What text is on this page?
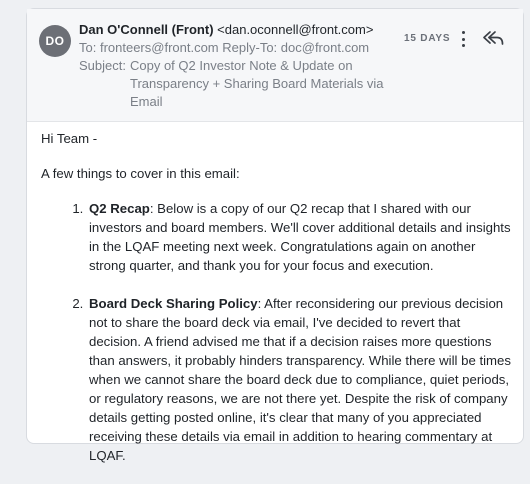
DO
Dan O'Connell (Front) <dan.oconnell@front.com>
To: fronteers@front.com Reply-To: doc@front.com
Subject: Copy of Q2 Investor Note & Update on Transparency + Sharing Board Materials via Email
15 DAYS

Hi Team -

A few things to cover in this email:

1. Q2 Recap: Below is a copy of our Q2 recap that I shared with our investors and board members. We'll cover additional details and insights in the LQAF meeting next week. Congratulations again on another strong quarter, and thank you for your focus and execution.
2. Board Deck Sharing Policy: After reconsidering our previous decision not to share the board deck via email, I've decided to revert that decision. A friend advised me that if a decision raises more questions than answers, it probably hinders transparency. While there will be times when we cannot share the board deck due to compliance, quiet periods, or regulatory reasons, we are not there yet. Despite the risk of company details getting posted online, it's clear that many of you appreciated receiving these details via email in addition to hearing commentary at LQAF.
